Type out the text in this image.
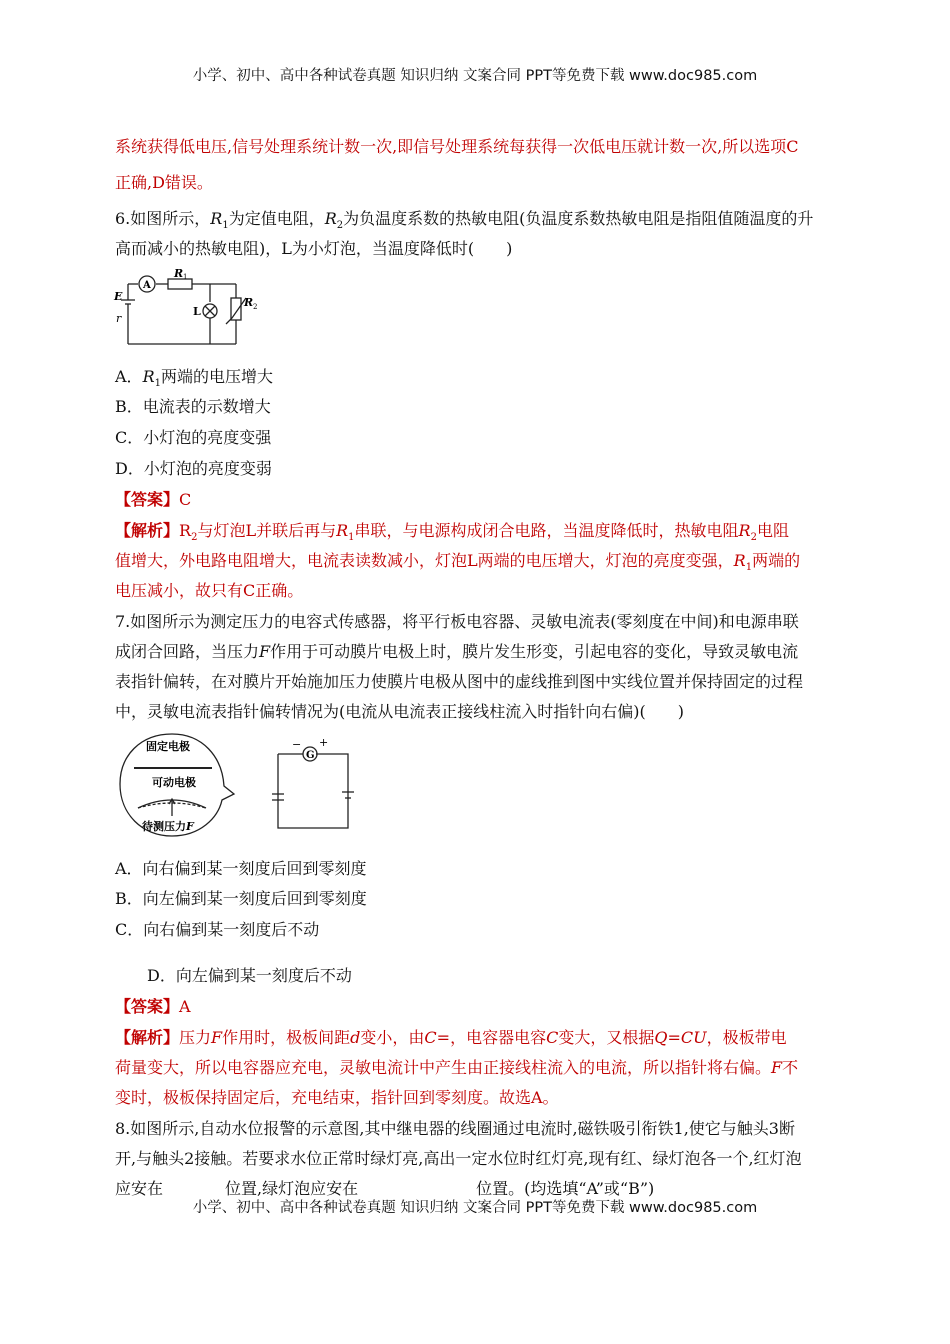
小学、初中、高中各种试卷真题 知识归纳 文案合同 PPT等免费下载 www.doc985.com
系统获得低电压,信号处理系统计数一次,即信号处理系统每获得一次低电压就计数一次,所以选项C
正确,D错误。
6.如图所示，$R_1$为定值电阻，$R_2$为负温度系数的热敏电阻(负温度系数热敏电阻是指阻值随温度的升
高而减小的热敏电阻)，L为小灯泡，当温度降低时(　　)
A
R 1
E
r
L
R 2
A．$R_1$两端的电压增大
B．电流表的示数增大
C．小灯泡的亮度变强
D．小灯泡的亮度变弱
【答案】C
【解析】$R_2$与灯泡L并联后再与$R_1$串联，与电源构成闭合电路，当温度降低时，热敏电阻$R_2$电阻
值增大，外电路电阻增大，电流表读数减小，灯泡L两端的电压增大，灯泡的亮度变强，$R_1$两端的
电压减小，故只有C正确。
7.如图所示为测定压力的电容式传感器，将平行板电容器、灵敏电流表(零刻度在中间)和电源串联
成闭合回路，当压力F作用于可动膜片电极上时，膜片发生形变，引起电容的变化，导致灵敏电流
表指针偏转，在对膜片开始施加压力使膜片电极从图中的虚线推到图中实线位置并保持固定的过程
中，灵敏电流表指针偏转情况为(电流从电流表正接线柱流入时指针向右偏)(　　)
固定电极
可动电极
待测压力F
G
− +
A．向右偏到某一刻度后回到零刻度
B．向左偏到某一刻度后回到零刻度
C．向右偏到某一刻度后不动
D．向左偏到某一刻度后不动
【答案】A
【解析】压力F作用时，极板间距d变小，由C=，电容器电容C变大，又根据Q=CU，极板带电
荷量变大，所以电容器应充电，灵敏电流计中产生由正接线柱流入的电流，所以指针将右偏。F不
变时，极板保持固定后，充电结束，指针回到零刻度。故选A。
8.如图所示,自动水位报警的示意图,其中继电器的线圈通过电流时,磁铁吸引衔铁1,使它与触头3断
开,与触头2接触。若要求水位正常时绿灯亮,高出一定水位时红灯亮,现有红、绿灯泡各一个,红灯泡
应安在	位置,绿灯泡应安在	位置。(均选填“A”或“B”)
小学、初中、高中各种试卷真题 知识归纳 文案合同 PPT等免费下载 www.doc985.com
